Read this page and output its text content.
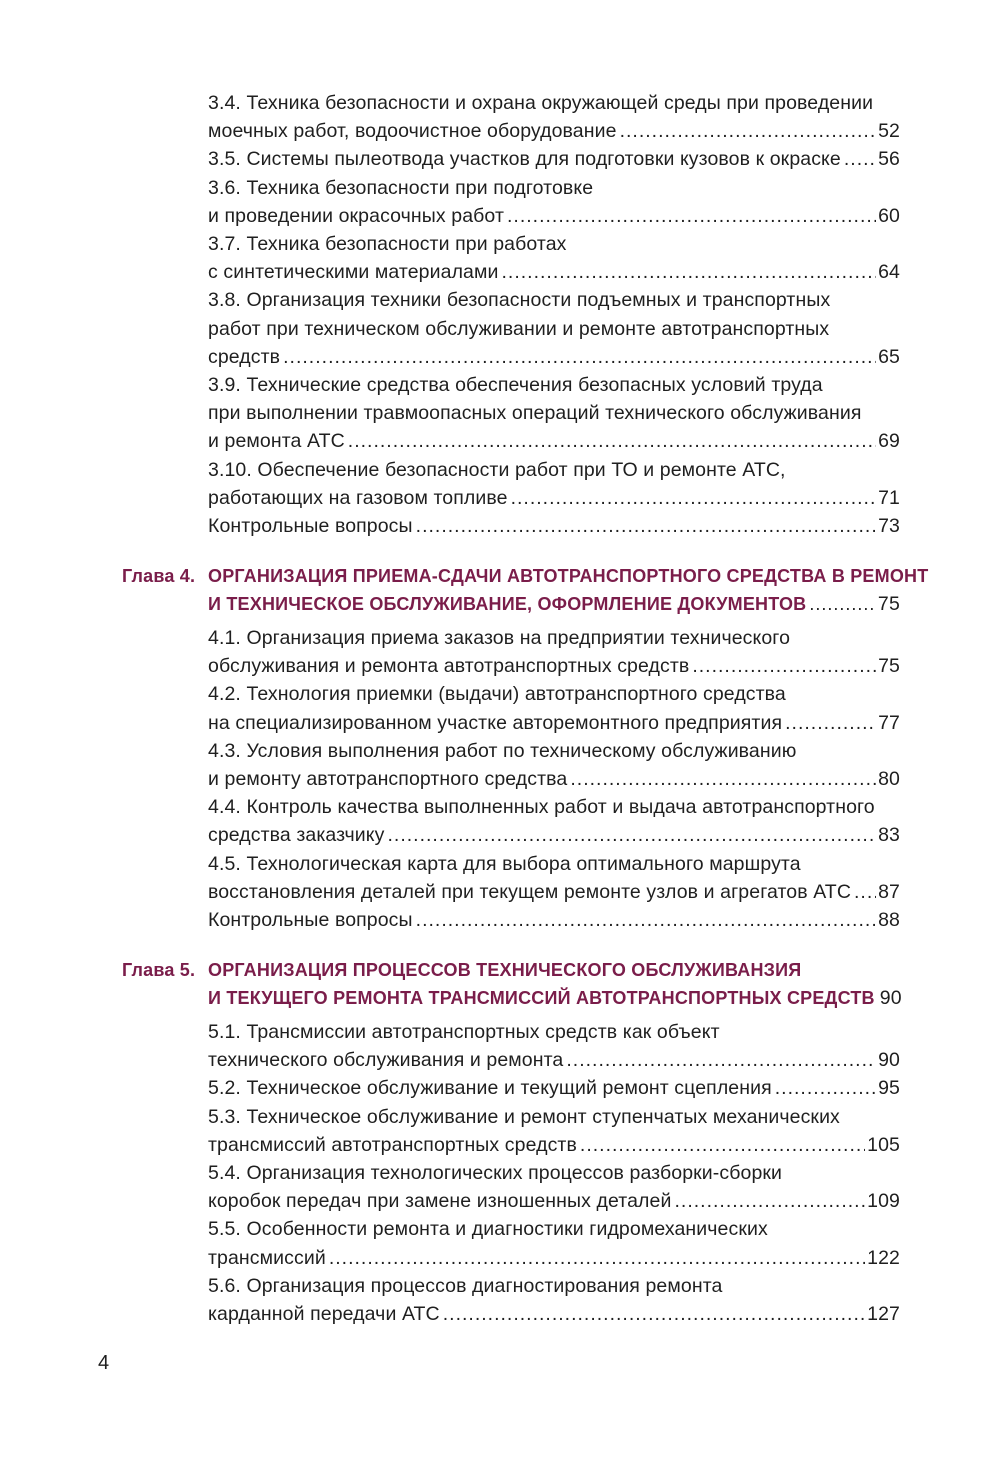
3.4. Техника безопасности и охрана окружающей среды при проведении
моечных работ, водоочистное оборудование .....	52
3.5. Системы пылеотвода участков для подготовки кузовов к окраске ..... 56
3.6. Техника безопасности при подготовке
и проведении окрасочных работ .....	60
3.7. Техника безопасности при работах
с синтетическими материалами .....	64
3.8. Организация техники безопасности подъемных и транспортных
работ при техническом обслуживании и ремонте автотранспортных
средств .....	65
3.9. Технические средства обеспечения безопасных условий труда
при выполнении травмоопасных операций технического обслуживания
и ремонта АТС .....	69
3.10. Обеспечение безопасности работ при ТО и ремонте АТС,
работающих на газовом топливе .....	71
Контрольные вопросы .....	73
Глава 4. ОРГАНИЗАЦИЯ ПРИЕМА-СДАЧИ АВТОТРАНСПОРТНОГО СРЕДСТВА В РЕМОНТ
И ТЕХНИЧЕСКОЕ ОБСЛУЖИВАНИЕ, ОФОРМЛЕНИЕ ДОКУМЕНТОВ .....	75
4.1. Организация приема заказов на предприятии технического
обслуживания и ремонта автотранспортных средств .....	75
4.2. Технология приемки (выдачи) автотранспортного средства
на специализированном участке авторемонтного предприятия .....	77
4.3. Условия выполнения работ по техническому обслуживанию
и ремонту автотранспортного средства .....	80
4.4. Контроль качества выполненных работ и выдача автотранспортного
средства заказчику .....	83
4.5. Технологическая карта для выбора оптимального маршрута
восстановления деталей при текущем ремонте узлов и агрегатов АТС ..... 87
Контрольные вопросы .....	88
Глава 5. ОРГАНИЗАЦИЯ ПРОЦЕССОВ ТЕХНИЧЕСКОГО ОБСЛУЖИВАНЗИЯ
И ТЕКУЩЕГО РЕМОНТА ТРАНСМИССИЙ АВТОТРАНСПОРТНЫХ СРЕДСТВ 90
5.1. Трансмиссии автотранспортных средств как объект
технического обслуживания и ремонта .....	90
5.2. Техническое обслуживание и текущий ремонт сцепления .....	95
5.3. Техническое обслуживание и ремонт ступенчатых механических
трансмиссий автотранспортных средств .....	105
5.4. Организация технологических процессов разборки-сборки
коробок передач при замене изношенных деталей .....	109
5.5. Особенности ремонта и диагностики гидромеханических
трансмиссий .....	122
5.6. Организация процессов диагностирования ремонта
карданной передачи АТС .....	127
4
